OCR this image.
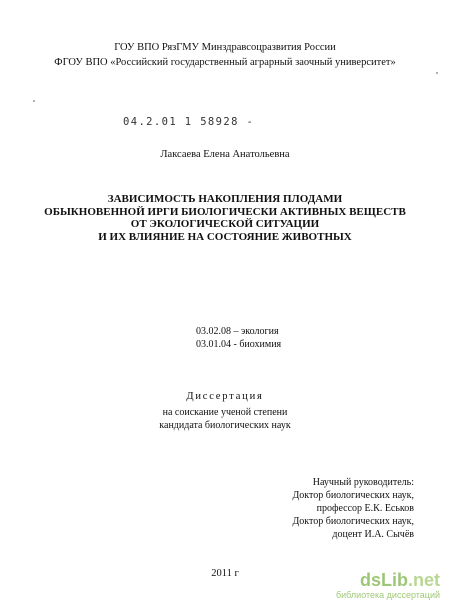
ГОУ ВПО РязГМУ Минздравсоцразвития России
ФГОУ ВПО «Российский государственный аграрный заочный университет»
04.2.01 1 58928 -
Лаксаева Елена Анатольевна
ЗАВИСИМОСТЬ НАКОПЛЕНИЯ ПЛОДАМИ
ОБЫКНОВЕННОЙ ИРГИ БИОЛОГИЧЕСКИ АКТИВНЫХ ВЕЩЕСТВ
ОТ ЭКОЛОГИЧЕСКОЙ СИТУАЦИИ
И ИХ ВЛИЯНИЕ НА СОСТОЯНИЕ ЖИВОТНЫХ
03.02.08 – экология
03.01.04 - биохимия
Диссертация
на соискание ученой степени
кандидата биологических наук
Научный руководитель:
Доктор биологических наук,
профессор Е.К. Еськов
Доктор биологических наук,
доцент И.А. Сычёв
2011 г	dsLib.net
библиотека диссертаций
